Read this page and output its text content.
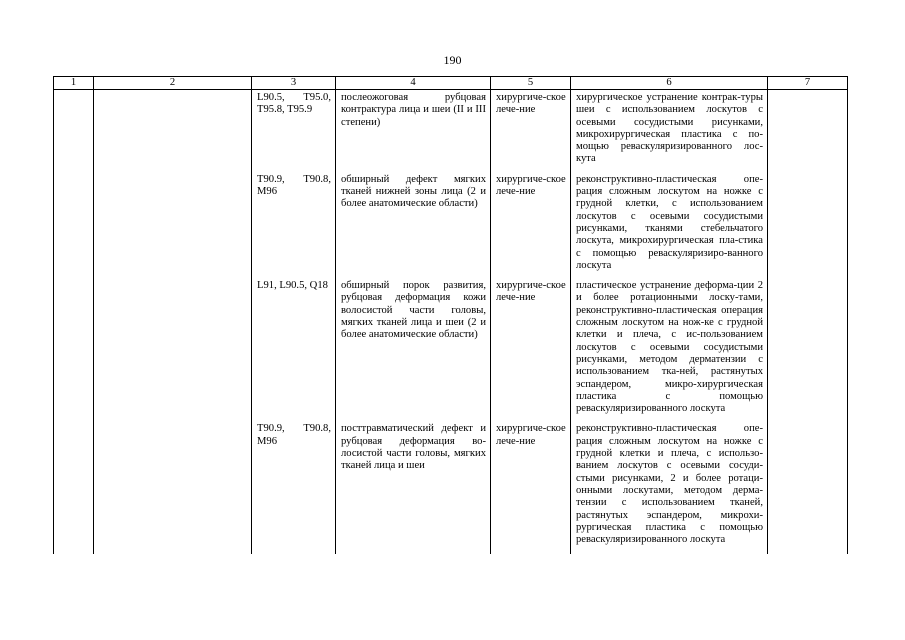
190
1	2	3	4	5	6	7

		L90.5, T95.0, T95.8, T95.9	послеожоговая рубцовая контрактура лица и шеи (II и III степени)	хирургиче-ское лече-ние	хирургическое устранение контрак-туры шеи с использованием лоскутов с осевыми сосудистыми рисунками, микрохирургическая пластика с по-мощью реваскуляризированного лос-кута	

		T90.9, T90.8, M96	обширный дефект мягких тканей нижней зоны лица (2 и более анатомические области)	хирургиче-ское лече-ние	реконструктивно-пластическая опе-рация сложным лоскутом на ножке с грудной клетки, с использованием лоскутов с осевыми сосудистыми рисунками, тканями стебельчатого лоскута, микрохирургическая пла-стика с помощью реваскуляризиро-ванного лоскута	

		L91, L90.5, Q18	обширный порок развития, рубцовая деформация кожи волосистой части головы, мягких тканей лица и шеи (2 и более анатомические области)	хирургиче-ское лече-ние	пластическое устранение деформа-ции 2 и более ротационными лоску-тами, реконструктивно-пластическая операция сложным лоскутом на нож-ке с грудной клетки и плеча, с ис-пользованием лоскутов с осевыми сосудистыми рисунками, методом дерматензии с использованием тка-ней, растянутых эспандером, микро-хирургическая пластика с помощью реваскуляризированного лоскута	

		T90.9, T90.8, M96	посттравматический дефект и рубцовая деформация во-лосистой части головы, мягких тканей лица и шеи	хирургиче-ское лече-ние	реконструктивно-пластическая опе-рация сложным лоскутом на ножке с грудной клетки и плеча, с использо-ванием лоскутов с осевыми сосуди-стыми рисунками, 2 и более ротаци-онными лоскутами, методом дерма-тензии с использованием тканей, растянутых эспандером, микрохи-рургическая пластика с помощью реваскуляризированного лоскута	
